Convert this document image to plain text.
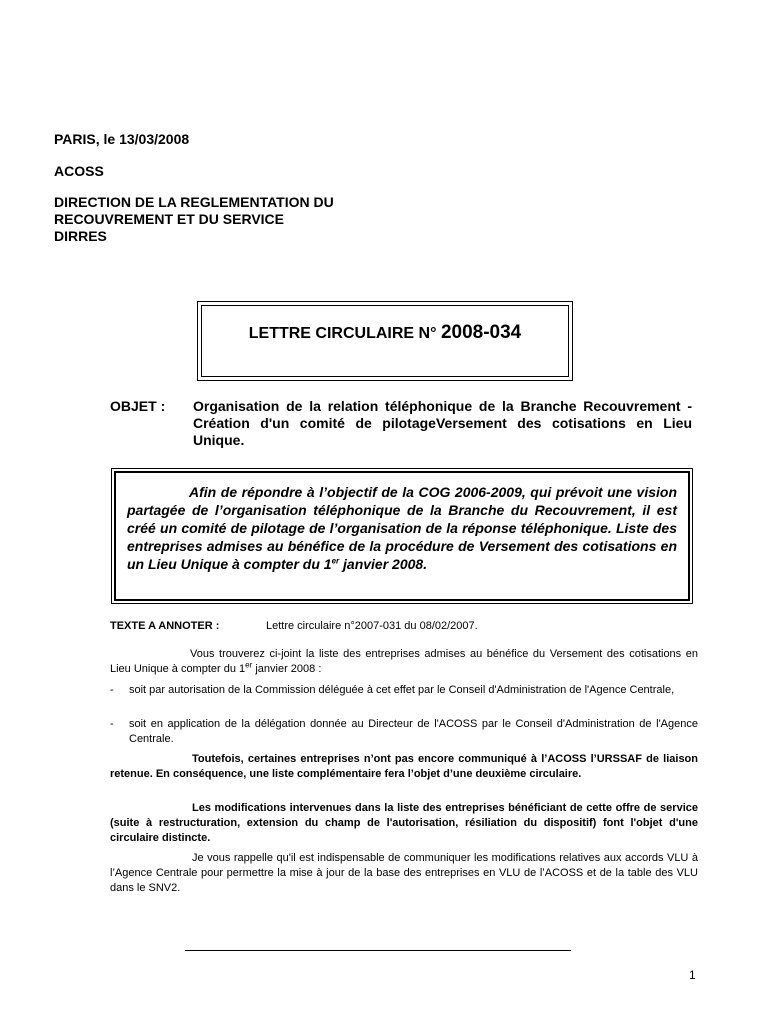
PARIS, le 13/03/2008
ACOSS
DIRECTION DE LA REGLEMENTATION DU
RECOUVREMENT ET DU SERVICE
DIRRES
LETTRE CIRCULAIRE N° 2008-034
OBJET : Organisation de la relation téléphonique de la Branche Recouvrement - Création d'un comité de pilotageVersement des cotisations en Lieu Unique.
Afin de répondre à l’objectif de la COG 2006-2009, qui prévoit une vision partagée de l’organisation téléphonique de la Branche du Recouvrement, il est créé un comité de pilotage de l’organisation de la réponse téléphonique. Liste des entreprises admises au bénéfice de la procédure de Versement des cotisations en un Lieu Unique à compter du 1er janvier 2008.
TEXTE A ANNOTER :	Lettre circulaire n°2007-031 du 08/02/2007.
Vous trouverez ci-joint la liste des entreprises admises au bénéfice du Versement des cotisations en Lieu Unique à compter du 1er janvier 2008 :
- soit par autorisation de la Commission déléguée à cet effet par le Conseil d'Administration de l'Agence Centrale,
- soit en application de la délégation donnée au Directeur de l'ACOSS par le Conseil d'Administration de l'Agence Centrale.
Toutefois, certaines entreprises n’ont pas encore communiqué à l’ACOSS l’URSSAF de liaison retenue. En conséquence, une liste complémentaire fera l’objet d’une deuxième circulaire.
Les modifications intervenues dans la liste des entreprises bénéficiant de cette offre de service (suite à restructuration, extension du champ de l'autorisation, résiliation du dispositif) font l'objet d'une circulaire distincte.
Je vous rappelle qu'il est indispensable de communiquer les modifications relatives aux accords VLU à l’Agence Centrale pour permettre la mise à jour de la base des entreprises en VLU de l’ACOSS et de la table des VLU dans le SNV2.
1
